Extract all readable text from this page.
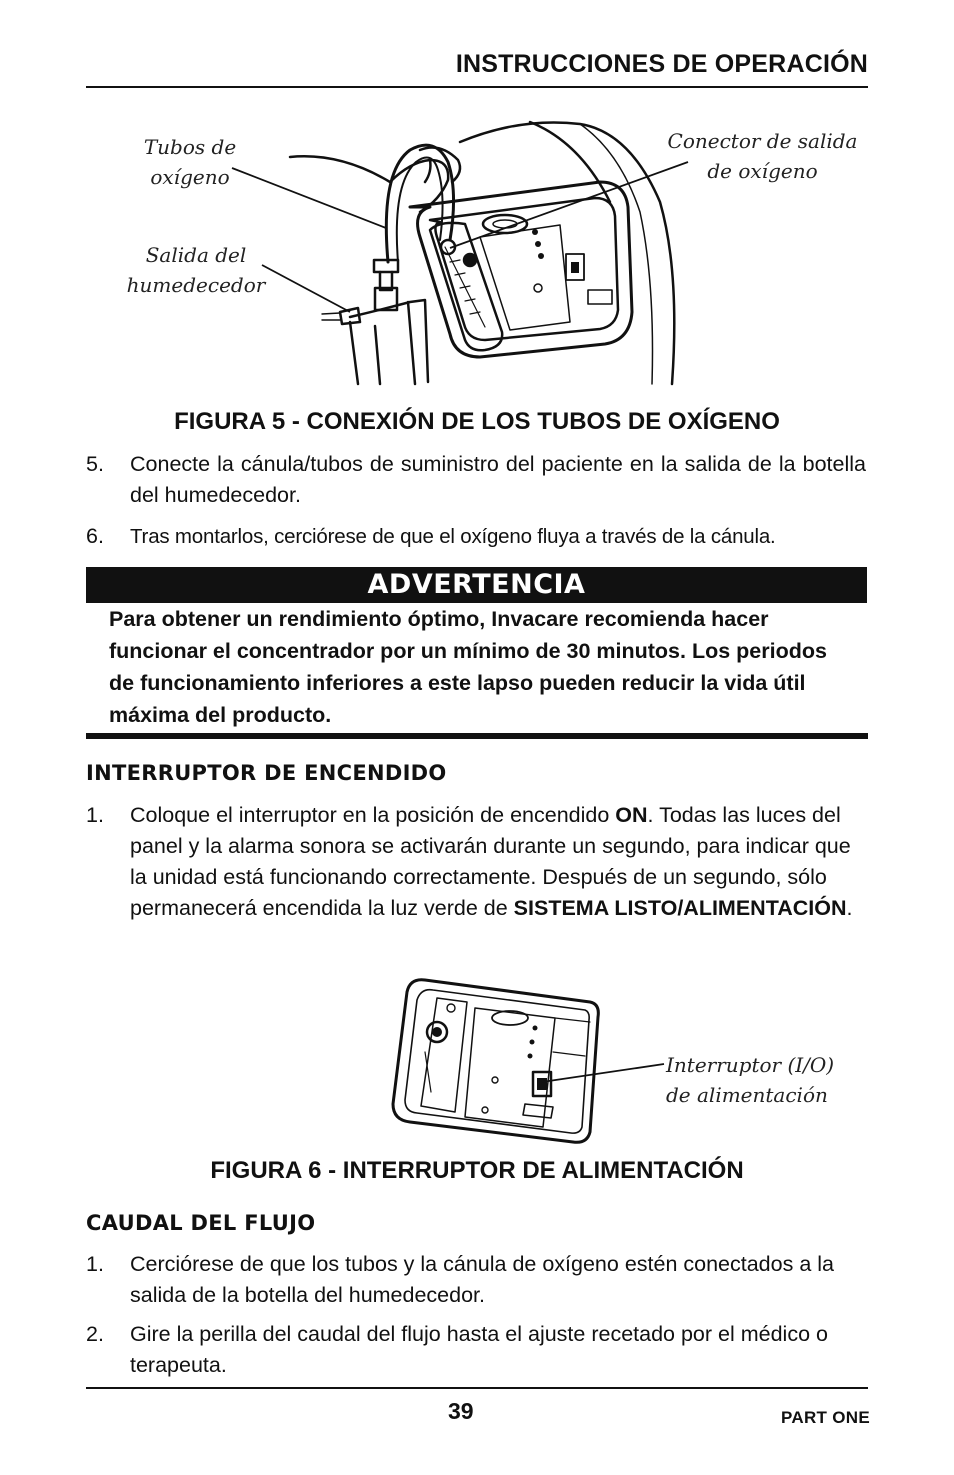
INSTRUCCIONES DE OPERACIÓN
Tubos de
oxígeno
Salida del
humedecedor
Conector de salida
de oxígeno
FIGURA 5 - CONEXIÓN DE LOS TUBOS DE OXÍGENO
5.	Conecte la cánula/tubos de suministro del paciente en la salida de la botella del humedecedor.
6.	Tras montarlos, cerciórese de que el oxígeno fluya a través de la cánula.
ADVERTENCIA
Para obtener un rendimiento óptimo, Invacare recomienda hacer funcionar el concentrador por un mínimo de 30 minutos. Los periodos de funcionamiento inferiores a este lapso pueden reducir la vida útil máxima del producto.
INTERRUPTOR DE ENCENDIDO
1.	Coloque el interruptor en la posición de encendido ON. Todas las luces del panel y la alarma sonora se activarán durante un segundo, para indicar que la unidad está funcionando correctamente. Después de un segundo, sólo permanecerá encendida la luz verde de SISTEMA LISTO/ALIMENTACIÓN.
Interruptor (I/O)
de alimentación
FIGURA 6 - INTERRUPTOR DE ALIMENTACIÓN
CAUDAL DEL FLUJO
1.	Cerciórese de que los tubos y la cánula de oxígeno estén conectados a la salida de la botella del humedecedor.
2.	Gire la perilla del caudal del flujo hasta el ajuste recetado por el médico o terapeuta.
39	PART ONE
